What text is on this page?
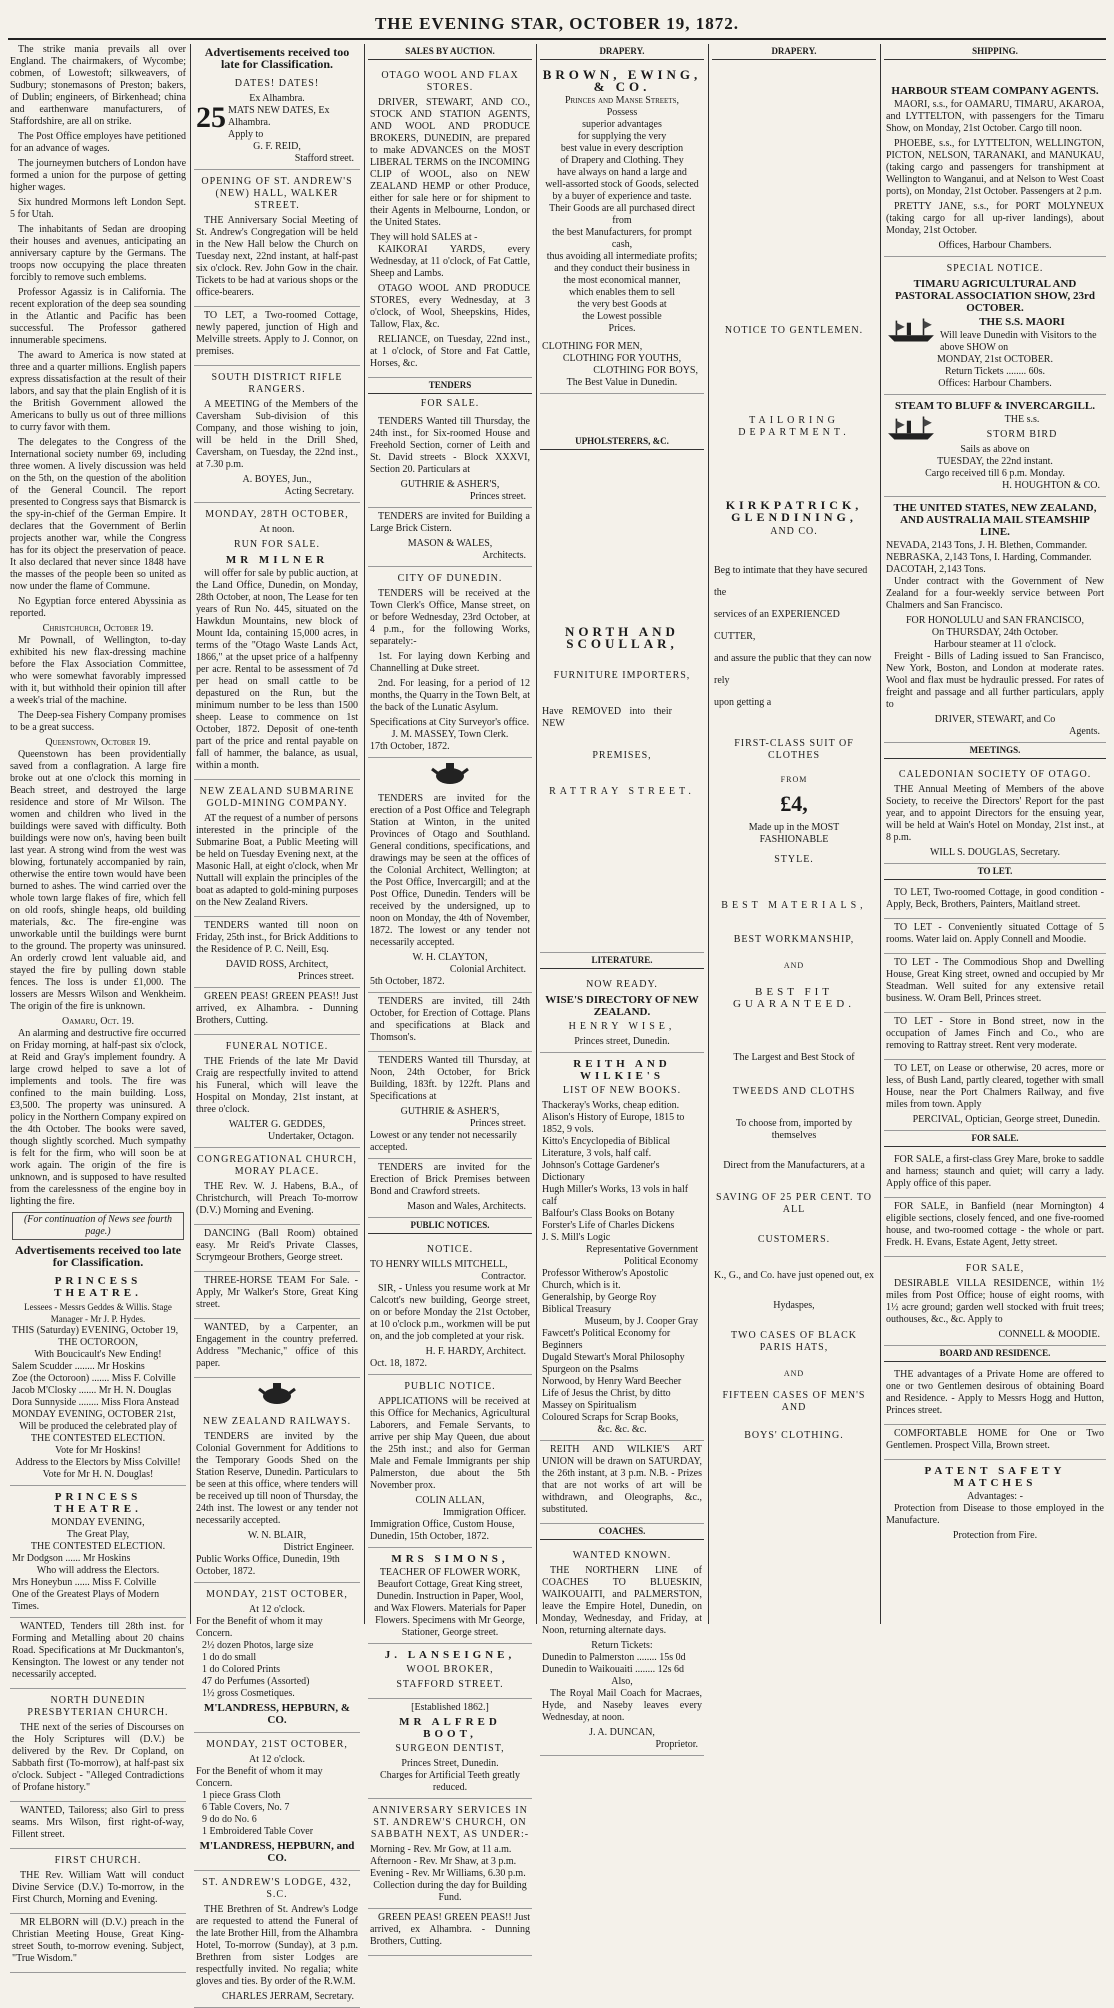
THE EVENING STAR, OCTOBER 19, 1872.
The strike mania prevails all over England. The chairmakers, of Wycombe; cobmen, of Lowestoft; silkweavers, of Sudbury; stonemasons of Preston; bakers, of Dublin; engineers, of Birkenhead; china and earthenware manufacturers, of Staffordshire, are all on strike.
The Post Office employes have petitioned for an advance of wages.
The journeymen butchers of London have formed a union for the purpose of getting higher wages.
Six hundred Mormons left London Sept. 5 for Utah.
The inhabitants of Sedan are drooping their houses and avenues, anticipating an anniversary capture by the Germans. The troops now occupying the place threaten forcibly to remove such emblems.
Professor Agassiz is in California. The recent exploration of the deep sea sounding in the Atlantic and Pacific has been successful. The Professor gathered innumerable specimens.
The award to America is now stated at three and a quarter millions. English papers express dissatisfaction at the result of their labors, and say that the plain English of it is the British Government allowed the Americans to bully us out of three millions to curry favor with them.
The delegates to the Congress of the International society number 69, including three women. A lively discussion was held on the 5th, on the question of the abolition of the General Council. The report presented to Congress says that Bismarck is the spy-in-chief of the German Empire. It declares that the Government of Berlin projects another war, while the Congress has for its object the preservation of peace. It also declared that never since 1848 have the masses of the people been so united as now under the flame of Commune.
No Egyptian force entered Abyssinia as reported.
Christchurch, October 19.
Mr Pownall, of Wellington, to-day exhibited his new flax-dressing machine before the Flax Association Committee, who were somewhat favorably impressed with it, but withhold their opinion till after a week's trial of the machine.
The Deep-sea Fishery Company promises to be a great success.
Queenstown, October 19.
Queenstown has been providentially saved from a conflagration. A large fire broke out at one o'clock this morning in Beach street, and destroyed the large residence and store of Mr Wilson. The women and children who lived in the buildings were saved with difficulty. Both buildings were now on's, having been built last year. A strong wind from the west was blowing, fortunately accompanied by rain, otherwise the entire town would have been burned to ashes. The wind carried over the whole town large flakes of fire, which fell on old roofs, shingle heaps, old building materials, &c. The fire-engine was unworkable until the buildings were burnt to the ground. The property was uninsured. An orderly crowd lent valuable aid, and stayed the fire by pulling down stable fences. The loss is under £1,000. The lossers are Messrs Wilson and Wenkheim. The origin of the fire is unknown.
Oamaru, Oct. 19.
An alarming and destructive fire occurred on Friday morning, at half-past six o'clock, at Reid and Gray's implement foundry. A large crowd helped to save a lot of implements and tools. The fire was confined to the main building. Loss, £3,500. The property was uninsured. A policy in the Northern Company expired on the 4th October. The books were saved, though slightly scorched. Much sympathy is felt for the firm, who will soon be at work again. The origin of the fire is unknown, and is supposed to have resulted from the carelessness of the engine boy in lighting the fire.
(For continuation of News see fourth page.)
Advertisements received too late for Classification.
PRINCESS THEATRE.
Lessees - Messrs Geddes & Willis. Stage Manager - Mr J. P. Hydes.
THIS (Saturday) EVENING, October 19,
THE OCTOROON,
With Boucicault's New Ending!
Salem Scudder ........ Mr Hoskins
Zoe (the Octoroon) ....... Miss F. Colville
Jacob M'Closky ....... Mr H. N. Douglas
Dora Sunnyside ........ Miss Flora Anstead
MONDAY EVENING, OCTOBER 21st,
Will be produced the celebrated play of
THE CONTESTED ELECTION.
Vote for Mr Hoskins!
Address to the Electors by Miss Colville!
Vote for Mr H. N. Douglas!
PRINCESS THEATRE.
MONDAY EVENING,
The Great Play,
THE CONTESTED ELECTION.
Mr Dodgson ...... Mr Hoskins
Who will address the Electors.
Mrs Honeybun ...... Miss F. Colville
One of the Greatest Plays of Modern Times.
WANTED, Tenders till 28th inst. for Forming and Metalling about 20 chains Road. Specifications at Mr Duckmanton's, Kensington. The lowest or any tender not necessarily accepted.
NORTH DUNEDIN PRESBYTERIAN CHURCH.
THE next of the series of Discourses on the Holy Scriptures will (D.V.) be delivered by the Rev. Dr Copland, on Sabbath first (To-morrow), at half-past six o'clock. Subject - "Alleged Contradictions of Profane history."
WANTED, Tailoress; also Girl to press seams. Mrs Wilson, first right-of-way, Fillent street.
FIRST CHURCH.
THE Rev. William Watt will conduct Divine Service (D.V.) To-morrow, in the First Church, Morning and Evening.
MR ELBORN will (D.V.) preach in the Christian Meeting House, Great King-street South, to-morrow evening. Subject, "True Wisdom."
Advertisements received too late for Classification.
DATES! DATES!
Ex Alhambra.
25 MATS NEW DATES, Ex Alhambra.
Apply to
G. F. REID,
Stafford street.
OPENING OF ST. ANDREW'S (NEW) HALL, WALKER STREET.
THE Anniversary Social Meeting of St. Andrew's Congregation will be held in the New Hall below the Church on Tuesday next, 22nd instant, at half-past six o'clock. Rev. John Gow in the chair. Tickets to be had at various shops or the office-bearers.
TO LET, a Two-roomed Cottage, newly papered, junction of High and Melville streets. Apply to J. Connor, on premises.
SOUTH DISTRICT RIFLE RANGERS.
A MEETING of the Members of the Caversham Sub-division of this Company, and those wishing to join, will be held in the Drill Shed, Caversham, on Tuesday, the 22nd inst., at 7.30 p.m.
A. BOYES, Jun.,
Acting Secretary.
MONDAY, 28TH OCTOBER,
At noon.
RUN FOR SALE.
MR MILNER
will offer for sale by public auction, at the Land Office, Dunedin, on Monday, 28th October, at noon, The Lease for ten years of Run No. 445, situated on the Hawkdun Mountains, new block of Mount Ida, containing 15,000 acres, in terms of the "Otago Waste Lands Act, 1866," at the upset price of a halfpenny per acre. Rental to be assessment of 7d per head on small cattle to be depastured on the Run, but the minimum number to be less than 1500 sheep. Lease to commence on 1st October, 1872. Deposit of one-tenth part of the price and rental payable on fall of hammer, the balance, as usual, within a month.
NEW ZEALAND SUBMARINE GOLD-MINING COMPANY.
AT the request of a number of persons interested in the principle of the Submarine Boat, a Public Meeting will be held on Tuesday Evening next, at the Masonic Hall, at eight o'clock, when Mr Nuttall will explain the principles of the boat as adapted to gold-mining purposes on the New Zealand Rivers.
TENDERS wanted till noon on Friday, 25th inst., for Brick Additions to the Residence of P. C. Neill, Esq.
DAVID ROSS, Architect,
Princes street.
GREEN PEAS! GREEN PEAS!! Just arrived, ex Alhambra. - Dunning Brothers, Cutting.
FUNERAL NOTICE.
THE Friends of the late Mr David Craig are respectfully invited to attend his Funeral, which will leave the Hospital on Monday, 21st instant, at three o'clock.
WALTER G. GEDDES,
Undertaker, Octagon.
CONGREGATIONAL CHURCH, MORAY PLACE.
THE Rev. W. J. Habens, B.A., of Christchurch, will Preach To-morrow (D.V.) Morning and Evening.
DANCING (Ball Room) obtained easy. Mr Reid's Private Classes, Scrymgeour Brothers, George street.
THREE-HORSE TEAM For Sale. - Apply, Mr Walker's Store, Great King street.
WANTED, by a Carpenter, an Engagement in the country preferred. Address "Mechanic," office of this paper.
NEW ZEALAND RAILWAYS.
TENDERS are invited by the Colonial Government for Additions to the Temporary Goods Shed on the Station Reserve, Dunedin. Particulars to be seen at this office, where tenders will be received up till noon of Thursday, the 24th inst. The lowest or any tender not necessarily accepted.
W. N. BLAIR,
District Engineer.
Public Works Office, Dunedin, 19th October, 1872.
MONDAY, 21ST OCTOBER,
At 12 o'clock.
For the Benefit of whom it may Concern.
2½ dozen Photos, large size
1 do do small
1 do Colored Prints
47 do Perfumes (Assorted)
1½ gross Cosmetiques.
M'LANDRESS, HEPBURN, & CO.
MONDAY, 21ST OCTOBER,
At 12 o'clock.
For the Benefit of whom it may Concern.
1 piece Grass Cloth
6 Table Covers, No. 7
9 do do No. 6
1 Embroidered Table Cover
M'LANDRESS, HEPBURN, and CO.
ST. ANDREW'S LODGE, 432, S.C.
THE Brethren of St. Andrew's Lodge are requested to attend the Funeral of the late Brother Hill, from the Alhambra Hotel, To-morrow (Sunday), at 3 p.m. Brethren from sister Lodges are respectfully invited. No regalia; white gloves and ties. By order of the R.W.M.
CHARLES JERRAM, Secretary.
SALES BY AUCTION.
OTAGO WOOL AND FLAX STORES.
DRIVER, STEWART, AND CO., STOCK AND STATION AGENTS, AND WOOL AND PRODUCE BROKERS, DUNEDIN, are prepared to make ADVANCES on the MOST LIBERAL TERMS on the INCOMING CLIP of WOOL, also on NEW ZEALAND HEMP or other Produce, either for sale here or for shipment to their Agents in Melbourne, London, or the United States.
They will hold SALES at -
KAIKORAI YARDS, every Wednesday, at 11 o'clock, of Fat Cattle, Sheep and Lambs.
OTAGO WOOL AND PRODUCE STORES, every Wednesday, at 3 o'clock, of Wool, Sheepskins, Hides, Tallow, Flax, &c.
RELIANCE, on Tuesday, 22nd inst., at 1 o'clock, of Store and Fat Cattle, Horses, &c.
TENDERS
FOR SALE.
TENDERS Wanted till Thursday, the 24th inst., for Six-roomed House and Freehold Section, corner of Leith and St. David streets - Block XXXVI, Section 20. Particulars at
GUTHRIE & ASHER'S,
Princes street.
TENDERS are invited for Building a Large Brick Cistern.
MASON & WALES,
Architects.
CITY OF DUNEDIN.
TENDERS will be received at the Town Clerk's Office, Manse street, on or before Wednesday, 23rd October, at 4 p.m., for the following Works, separately:-
1st. For laying down Kerbing and Channelling at Duke street.
2nd. For leasing, for a period of 12 months, the Quarry in the Town Belt, at the back of the Lunatic Asylum.
Specifications at City Surveyor's office.
J. M. MASSEY, Town Clerk.
17th October, 1872.
TENDERS are invited for the erection of a Post Office and Telegraph Station at Winton, in the united Provinces of Otago and Southland. General conditions, specifications, and drawings may be seen at the offices of the Colonial Architect, Wellington; at the Post Office, Invercargill; and at the Post Office, Dunedin. Tenders will be received by the undersigned, up to noon on Monday, the 4th of November, 1872. The lowest or any tender not necessarily accepted.
W. H. CLAYTON,
Colonial Architect.
5th October, 1872.
TENDERS are invited, till 24th October, for Erection of Cottage. Plans and specifications at Black and Thomson's.
TENDERS Wanted till Thursday, at Noon, 24th October, for Brick Building, 183ft. by 122ft. Plans and Specifications at
GUTHRIE & ASHER'S,
Princes street.
Lowest or any tender not necessarily accepted.
TENDERS are invited for the Erection of Brick Premises between Bond and Crawford streets.
Mason and Wales, Architects.
PUBLIC NOTICES.
NOTICE.
TO HENRY WILLS MITCHELL,
Contractor.
SIR, - Unless you resume work at Mr Calcott's new building, George street, on or before Monday the 21st October, at 10 o'clock p.m., workmen will be put on, and the job completed at your risk.
H. F. HARDY, Architect.
Oct. 18, 1872.
PUBLIC NOTICE.
APPLICATIONS will be received at this Office for Mechanics, Agricultural Laborers, and Female Servants, to arrive per ship May Queen, due about the 25th inst.; and also for German Male and Female Immigrants per ship Palmerston, due about the 5th November prox.
COLIN ALLAN,
Immigration Officer.
Immigration Office, Custom House, Dunedin, 15th October, 1872.
MRS SIMONS,
TEACHER OF FLOWER WORK, Beaufort Cottage, Great King street, Dunedin. Instruction in Paper, Wool, and Wax Flowers. Materials for Paper Flowers. Specimens with Mr George, Stationer, George street.
J. LANSEIGNE,
WOOL BROKER,
STAFFORD STREET.
[Established 1862.]
MR ALFRED BOOT,
SURGEON DENTIST,
Princes Street, Dunedin.
Charges for Artificial Teeth greatly reduced.
ANNIVERSARY SERVICES IN ST. ANDREW'S CHURCH, ON SABBATH NEXT, AS UNDER:-
Morning - Rev. Mr Gow, at 11 a.m.
Afternoon - Rev. Mr Shaw, at 3 p.m.
Evening - Rev. Mr Williams, 6.30 p.m.
Collection during the day for Building Fund.
GREEN PEAS! GREEN PEAS!! Just arrived, ex Alhambra. - Dunning Brothers, Cutting.
DRAPERY.
BROWN, EWING, & CO.
Princes and Manse Streets,
Possess
superior advantages
for supplying the very
best value in every description
of Drapery and Clothing. They
have always on hand a large and
well-assorted stock of Goods, selected
by a buyer of experience and taste.
Their Goods are all purchased direct from
the best Manufacturers, for prompt cash,
thus avoiding all intermediate profits;
and they conduct their business in
the most economical manner,
which enables them to sell
the very best Goods at
the Lowest possible
Prices.
CLOTHING FOR MEN,
CLOTHING FOR YOUTHS,
CLOTHING FOR BOYS,
The Best Value in Dunedin.
UPHOLSTERERS, &C.
NORTH AND SCOULLAR,
FURNITURE IMPORTERS,
Have REMOVED into their NEW
PREMISES,
RATTRAY STREET.
LITERATURE.
NOW READY.
WISE'S DIRECTORY OF NEW ZEALAND.
HENRY WISE,
Princes street, Dunedin.
REITH AND WILKIE'S
LIST OF NEW BOOKS.
Thackeray's Works, cheap edition.
Alison's History of Europe, 1815 to 1852, 9 vols.
Kitto's Encyclopedia of Biblical Literature, 3 vols, half calf.
Johnson's Cottage Gardener's Dictionary
Hugh Miller's Works, 13 vols in half calf
Balfour's Class Books on Botany
Forster's Life of Charles Dickens
J. S. Mill's Logic
Representative Government
Political Economy
Professor Witherow's Apostolic Church, which is it.
Generalship, by George Roy
Biblical Treasury
Museum, by J. Cooper Gray
Fawcett's Political Economy for Beginners
Dugald Stewart's Moral Philosophy
Spurgeon on the Psalms
Norwood, by Henry Ward Beecher
Life of Jesus the Christ, by ditto
Massey on Spiritualism
Coloured Scraps for Scrap Books,
&c. &c. &c.
REITH AND WILKIE'S ART UNION will be drawn on SATURDAY, the 26th instant, at 3 p.m. N.B. - Prizes that are not works of art will be withdrawn, and Oleographs, &c., substituted.
COACHES.
WANTED KNOWN.
THE NORTHERN LINE of COACHES TO BLUESKIN, WAIKOUAITI, and PALMERSTON, leave the Empire Hotel, Dunedin, on Monday, Wednesday, and Friday, at Noon, returning alternate days.
Return Tickets:
Dunedin to Palmerston ........ 15s 0d
Dunedin to Waikouaiti ........ 12s 6d
Also,
The Royal Mail Coach for Macraes, Hyde, and Naseby leaves every Wednesday, at noon.
J. A. DUNCAN,
Proprietor.
DRAPERY.
NOTICE TO GENTLEMEN.
TAILORING DEPARTMENT.
KIRKPATRICK, GLENDINING,
AND CO.
Beg to intimate that they have secured the
services of an EXPERIENCED CUTTER,
and assure the public that they can now rely
upon getting a
FIRST-CLASS SUIT OF CLOTHES
FROM
£4,
Made up in the MOST FASHIONABLE
STYLE.
BEST MATERIALS,
BEST WORKMANSHIP,
AND
BEST FIT GUARANTEED.
The Largest and Best Stock of
TWEEDS AND CLOTHS
To choose from, imported by themselves
Direct from the Manufacturers, at a
SAVING OF 25 PER CENT. TO ALL
CUSTOMERS.
K., G., and Co. have just opened out, ex
Hydaspes,
TWO CASES OF BLACK PARIS HATS,
AND
FIFTEEN CASES OF MEN'S AND
BOYS' CLOTHING.
SHIPPING.
HARBOUR STEAM COMPANY AGENTS.
MAORI, s.s., for OAMARU, TIMARU, AKAROA, and LYTTELTON, with passengers for the Timaru Show, on Monday, 21st October. Cargo till noon.
PHOEBE, s.s., for LYTTELTON, WELLINGTON, PICTON, NELSON, TARANAKI, and MANUKAU, (taking cargo and passengers for transhipment at Wellington to Wanganui, and at Nelson to West Coast ports), on Monday, 21st October. Passengers at 2 p.m.
PRETTY JANE, s.s., for PORT MOLYNEUX (taking cargo for all up-river landings), about Monday, 21st October.
Offices, Harbour Chambers.
SPECIAL NOTICE.
TIMARU AGRICULTURAL AND PASTORAL ASSOCIATION SHOW, 23rd OCTOBER.
THE S.S. MAORI
Will leave Dunedin with Visitors to the above SHOW on
MONDAY, 21st OCTOBER.
Return Tickets ........ 60s.
Offices: Harbour Chambers.
STEAM TO BLUFF & INVERCARGILL.
THE s.s.
STORM BIRD
Sails as above on
TUESDAY, the 22nd instant.
Cargo received till 6 p.m. Monday.
H. HOUGHTON & CO.
THE UNITED STATES, NEW ZEALAND, AND AUSTRALIA MAIL STEAMSHIP LINE.
NEVADA, 2143 Tons, J. H. Blethen, Commander.
NEBRASKA, 2,143 Tons, I. Harding, Commander.
DACOTAH, 2,143 Tons.
Under contract with the Government of New Zealand for a four-weekly service between Port Chalmers and San Francisco.
FOR HONOLULU and SAN FRANCISCO,
On THURSDAY, 24th October.
Harbour steamer at 11 o'clock.
Freight - Bills of Lading issued to San Francisco, New York, Boston, and London at moderate rates. Wool and flax must be hydraulic pressed. For rates of freight and passage and all further particulars, apply to
DRIVER, STEWART, and Co
Agents.
MEETINGS.
CALEDONIAN SOCIETY OF OTAGO.
THE Annual Meeting of Members of the above Society, to receive the Directors' Report for the past year, and to appoint Directors for the ensuing year, will be held at Wain's Hotel on Monday, 21st inst., at 8 p.m.
WILL S. DOUGLAS, Secretary.
TO LET.
TO LET, Two-roomed Cottage, in good condition - Apply, Beck, Brothers, Painters, Maitland street.
TO LET - Conveniently situated Cottage of 5 rooms. Water laid on. Apply Connell and Moodie.
TO LET - The Commodious Shop and Dwelling House, Great King street, owned and occupied by Mr Steadman. Well suited for any extensive retail business. W. Oram Bell, Princes street.
TO LET - Store in Bond street, now in the occupation of James Finch and Co., who are removing to Rattray street. Rent very moderate.
TO LET, on Lease or otherwise, 20 acres, more or less, of Bush Land, partly cleared, together with small House, near the Port Chalmers Railway, and five miles from town. Apply
PERCIVAL, Optician, George street, Dunedin.
FOR SALE.
FOR SALE, a first-class Grey Mare, broke to saddle and harness; staunch and quiet; will carry a lady. Apply office of this paper.
FOR SALE, in Banfield (near Mornington) 4 eligible sections, closely fenced, and one five-roomed house, and two-roomed cottage - the whole or part. Fredk. H. Evans, Estate Agent, Jetty street.
FOR SALE,
DESIRABLE VILLA RESIDENCE, within 1½ miles from Post Office; house of eight rooms, with 1½ acre ground; garden well stocked with fruit trees; outhouses, &c., &c. Apply to
CONNELL & MOODIE.
BOARD AND RESIDENCE.
THE advantages of a Private Home are offered to one or two Gentlemen desirous of obtaining Board and Residence. - Apply to Messrs Hogg and Hutton, Princes street.
COMFORTABLE HOME for One or Two Gentlemen. Prospect Villa, Brown street.
PATENT SAFETY MATCHES
Advantages: -
Protection from Disease to those employed in the Manufacture.
Protection from Fire.
